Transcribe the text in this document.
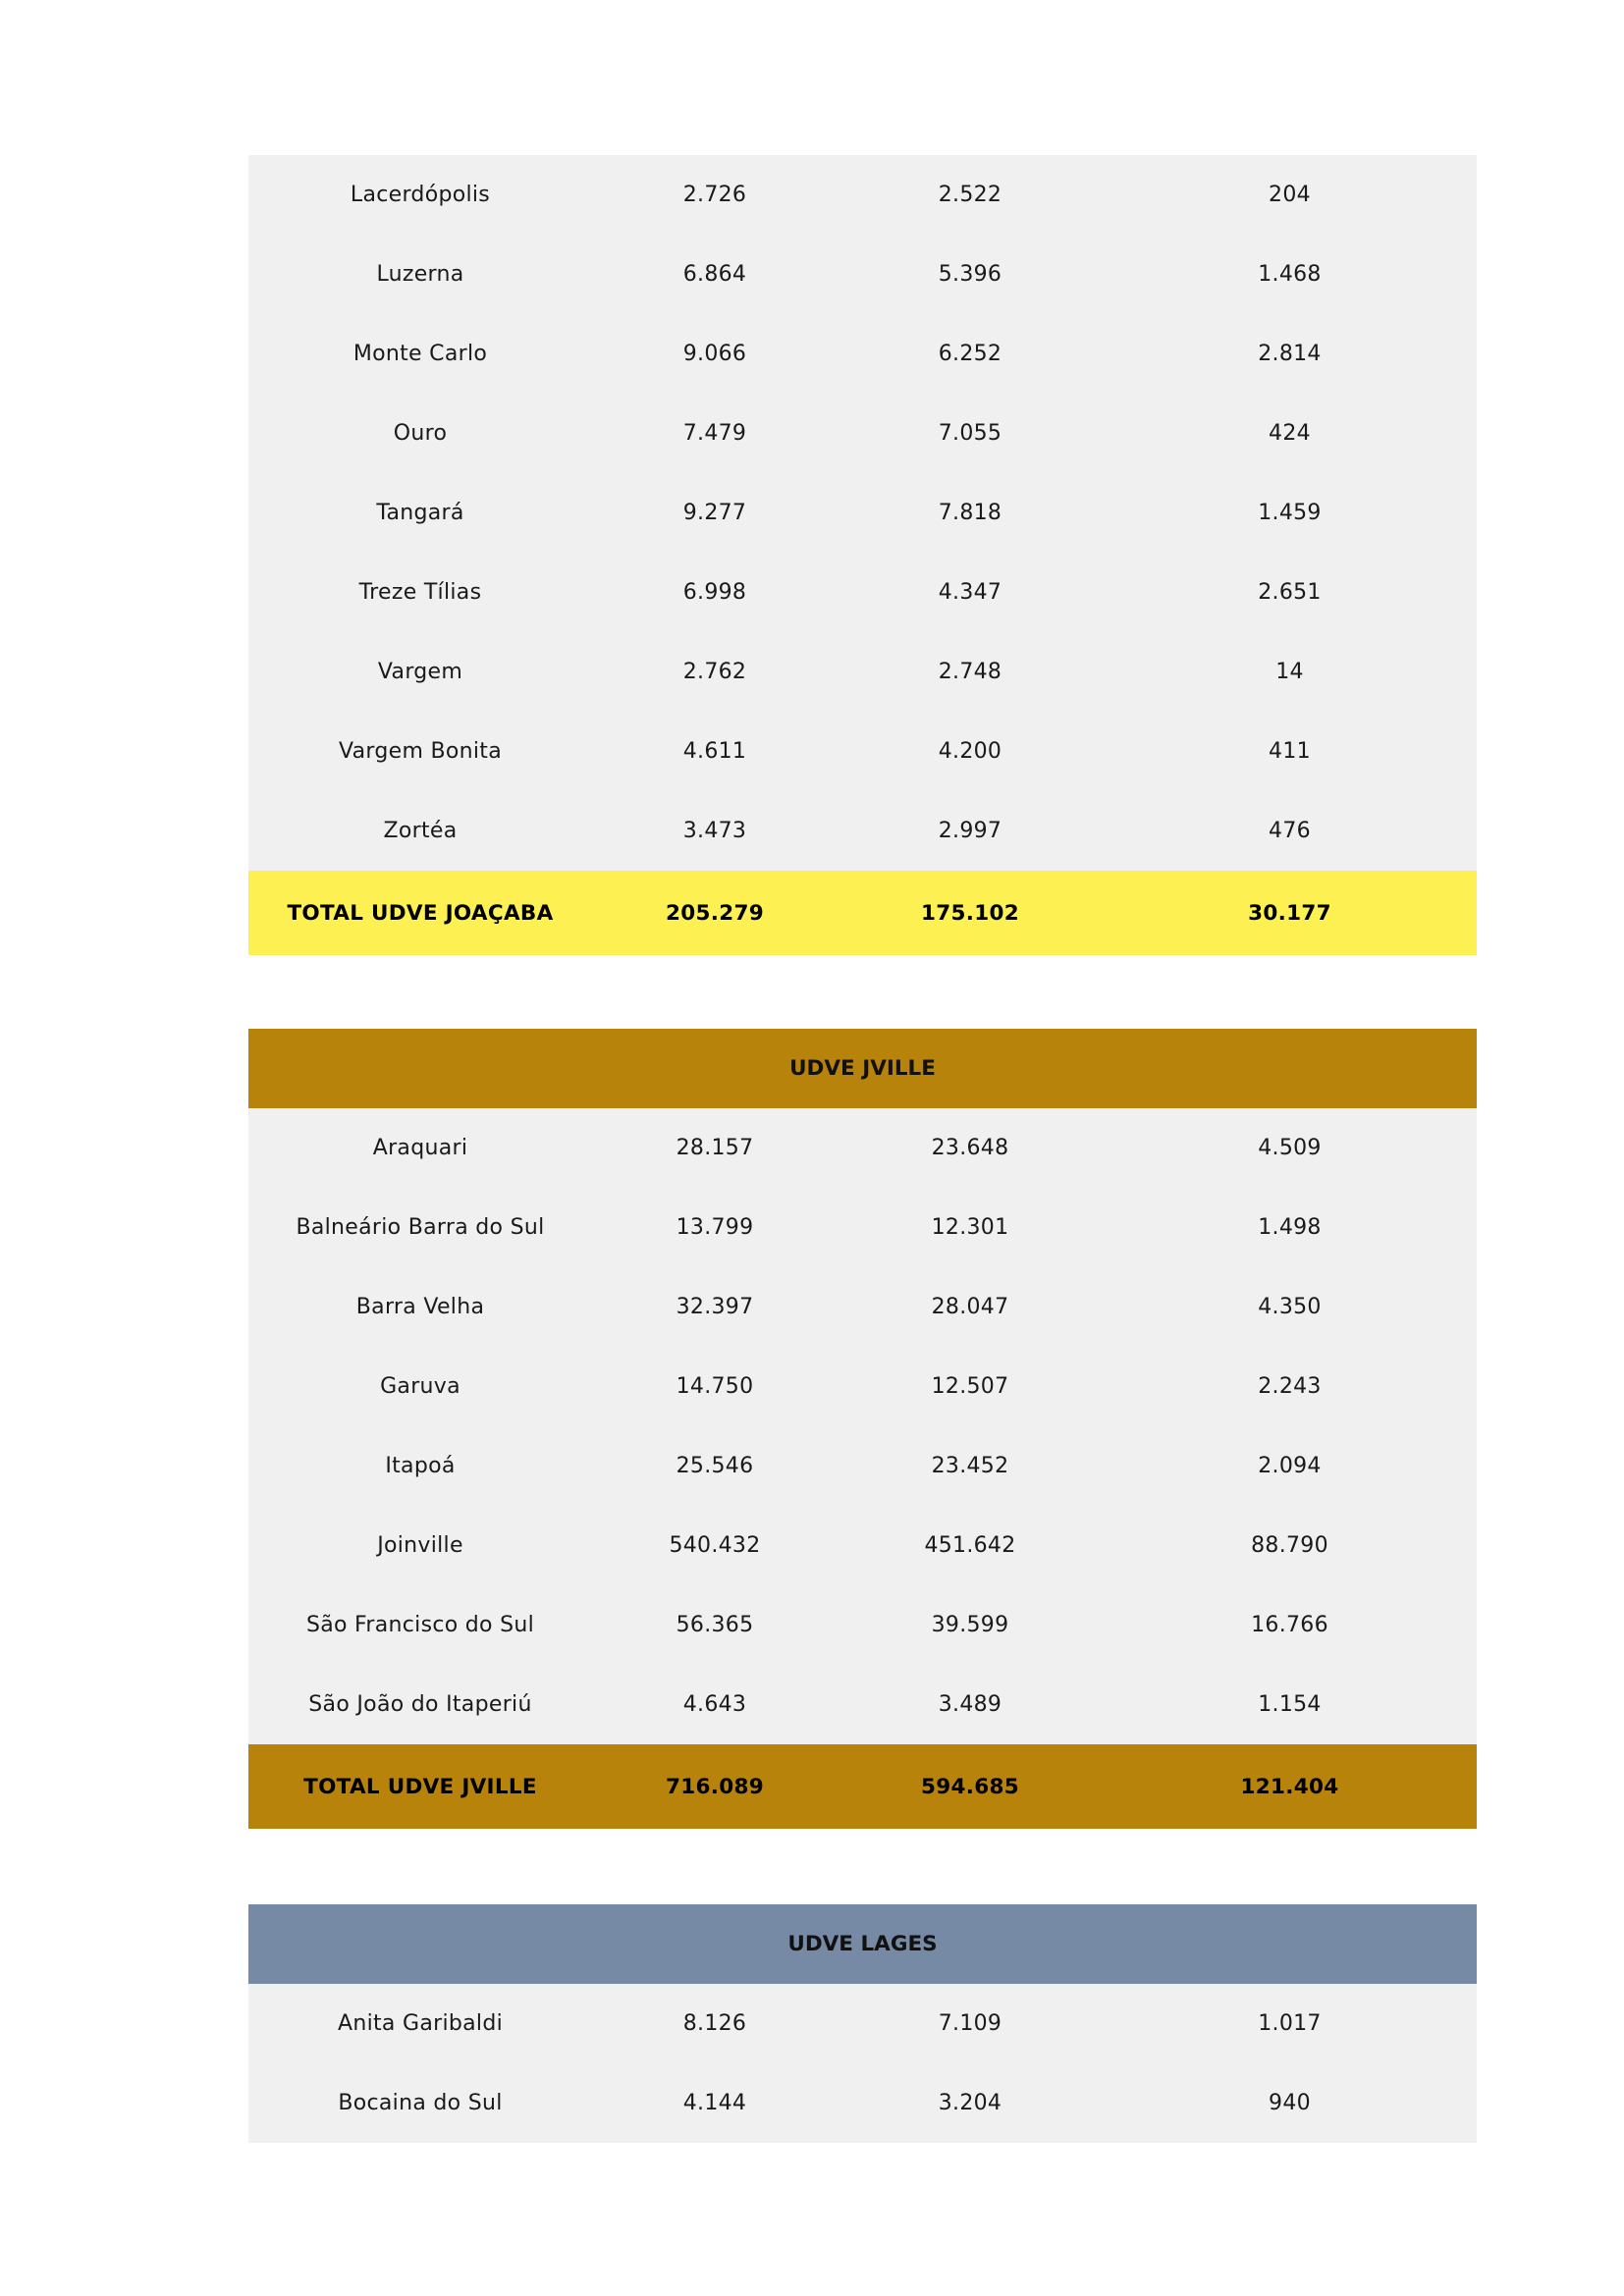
Lacerdópolis	2.726	2.522	204
Luzerna	6.864	5.396	1.468
Monte Carlo	9.066	6.252	2.814
Ouro	7.479	7.055	424
Tangará	9.277	7.818	1.459
Treze Tílias	6.998	4.347	2.651
Vargem	2.762	2.748	14
Vargem Bonita	4.611	4.200	411
Zortéa	3.473	2.997	476
TOTAL UDVE JOAÇABA	205.279	175.102	30.177
UDVE JVILLE
Araquari	28.157	23.648	4.509
Balneário Barra do Sul	13.799	12.301	1.498
Barra Velha	32.397	28.047	4.350
Garuva	14.750	12.507	2.243
Itapoá	25.546	23.452	2.094
Joinville	540.432	451.642	88.790
São Francisco do Sul	56.365	39.599	16.766
São João do Itaperiú	4.643	3.489	1.154
TOTAL UDVE JVILLE	716.089	594.685	121.404
UDVE LAGES
Anita Garibaldi	8.126	7.109	1.017
Bocaina do Sul	4.144	3.204	940
